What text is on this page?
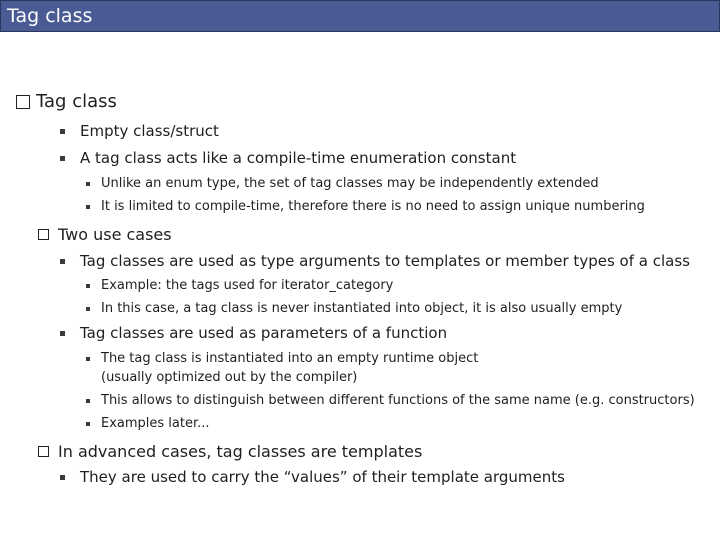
Tag class
Tag class
Empty class/struct
A tag class acts like a compile-time enumeration constant
Unlike an enum type, the set of tag classes may be independently extended
It is limited to compile-time, therefore there is no need to assign unique numbering
Two use cases
Tag classes are used as type arguments to templates or member types of a class
Example: the tags used for iterator_category
In this case, a tag class is never instantiated into object, it is also usually empty
Tag classes are used as parameters of a function
The tag class is instantiated into an empty runtime object
(usually optimized out by the compiler)
This allows to distinguish between different functions of the same name (e.g. constructors)
Examples later...
In advanced cases, tag classes are templates
They are used to carry the “values” of their template arguments
